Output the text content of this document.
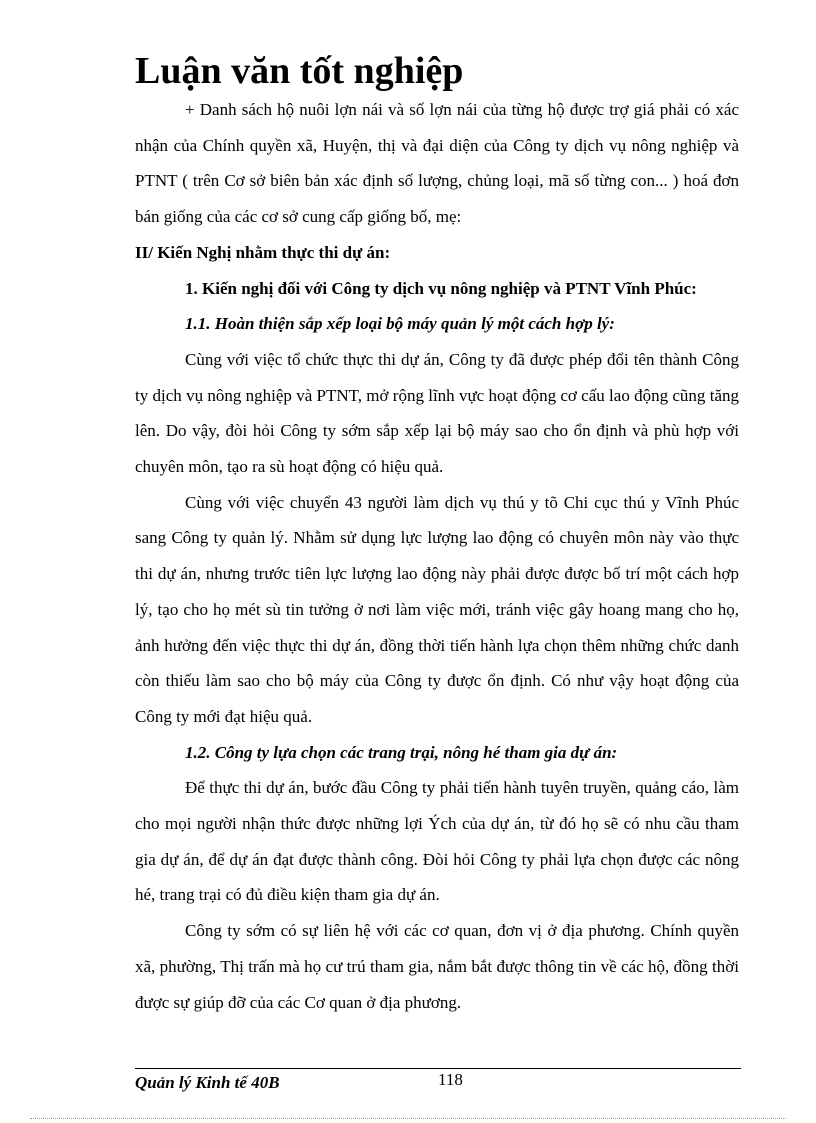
Luận văn tốt nghiệp

+ Danh sách hộ nuôi lợn nái và số lợn nái của từng hộ được trợ giá phải có xác nhận của Chính quyền xã, Huyện, thị và đại diện của Công ty dịch vụ nông nghiệp và PTNT ( trên Cơ sở biên bản xác định số lượng, chủng loại, mã số từng con... ) hoá đơn bán giống của các cơ sở cung cấp giống bố, mẹ:

II/ Kiến Nghị nhằm thực thi dự án:

1. Kiến nghị đối với Công ty dịch vụ nông nghiệp và PTNT Vĩnh Phúc:

1.1. Hoàn thiện sắp xếp loại bộ máy quản lý một cách hợp lý:

Cùng với việc tổ chức thực thi dự án, Công ty đã được phép đổi tên thành Công ty dịch vụ nông nghiệp và PTNT, mở rộng lĩnh vực hoạt động cơ cấu lao động cũng tăng lên. Do vậy, đòi hỏi Công ty sớm sắp xếp lại bộ máy sao cho ổn định và phù hợp với chuyên môn, tạo ra sù hoạt động có hiệu quả.

Cùng với việc chuyển 43 người làm dịch vụ thú y tõ Chi cục thú y Vĩnh Phúc sang Công ty quản lý. Nhằm sử dụng lực lượng lao động có chuyên môn này vào thực thi dự án, nhưng trước tiên lực lượng lao động này phải được được bố trí một cách hợp lý, tạo cho họ mét sù tin tưởng ở nơi làm việc mới, tránh việc gây hoang mang cho họ, ảnh hưởng đến việc thực thi dự án, đồng thời tiến hành lựa chọn thêm những chức danh còn thiếu làm sao cho bộ máy của Công ty được ổn định. Có như vậy hoạt động của Công ty mới đạt hiệu quả.

1.2. Công ty lựa chọn các trang trại, nông hé tham gia dự án:

Để thực thi dự án, bước đầu Công ty phải tiến hành tuyên truyền, quảng cáo, làm cho mọi người nhận thức được những lợi Ých của dự án, từ đó họ sẽ có nhu cầu tham gia dự án, để dự án đạt được thành công. Đòi hỏi Công ty phải lựa chọn được các nông hé, trang trại có đủ điều kiện tham gia dự án.

Công ty sớm có sự liên hệ với các cơ quan, đơn vị ở địa phương. Chính quyền xã, phường, Thị trấn mà họ cư trú tham gia, nắm bắt được thông tin về các hộ, đồng thời được sự giúp đỡ của các Cơ quan ở địa phương.

Quản lý Kinh tế 40B	118
